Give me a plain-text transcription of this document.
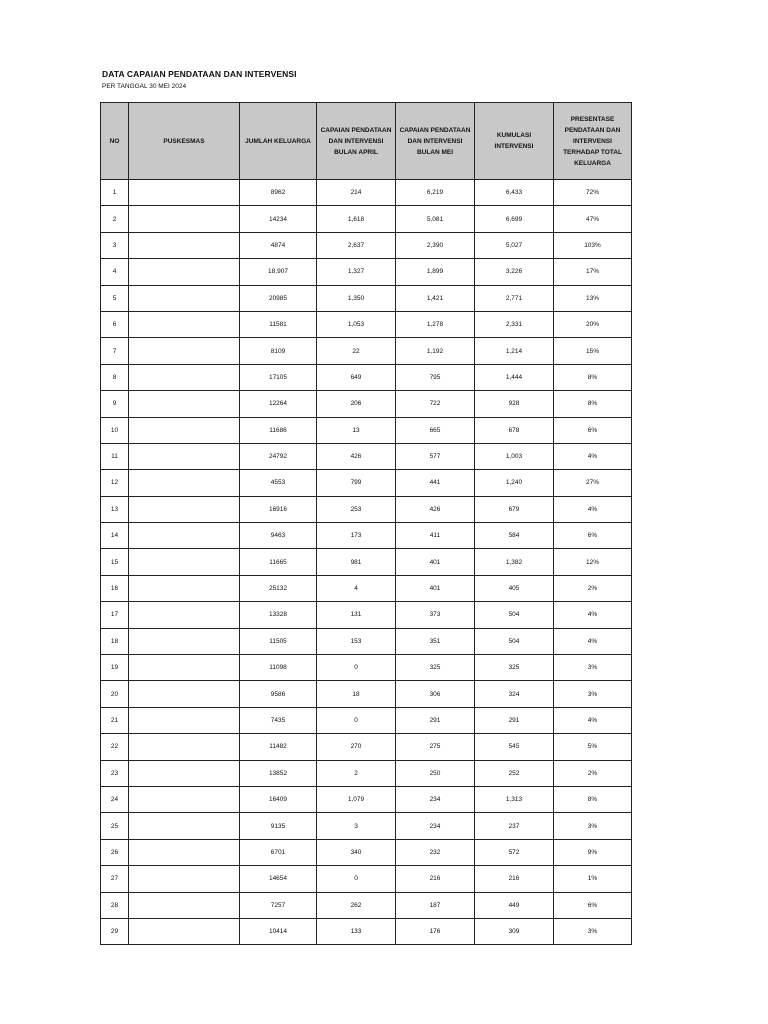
DATA CAPAIAN PENDATAAN DAN INTERVENSI
PER TANGGAL 30 MEI 2024
NO	PUSKESMAS	JUMLAH KELUARGA	CAPAIAN PENDATAAN DAN INTERVENSI BULAN APRIL	CAPAIAN PENDATAAN DAN INTERVENSI BULAN MEI	KUMULASI INTERVENSI	PRESENTASE PENDATAAN DAN INTERVENSI TERHADAP TOTAL KELUARGA
1		8962	214	6,219	6,433	72%
2		14234	1,618	5,081	6,699	47%
3		4874	2,637	2,390	5,027	103%
4		18,907	1,327	1,899	3,226	17%
5		20985	1,350	1,421	2,771	13%
6		11581	1,053	1,278	2,331	20%
7		8109	22	1,192	1,214	15%
8		17105	649	795	1,444	8%
9		12264	206	722	928	8%
10		11686	13	665	678	6%
11		24792	426	577	1,003	4%
12		4553	799	441	1,240	27%
13		16916	253	426	679	4%
14		9463	173	411	584	6%
15		11665	981	401	1,382	12%
16		25132	4	401	405	2%
17		13328	131	373	504	4%
18		11505	153	351	504	4%
19		11098	0	325	325	3%
20		9586	18	306	324	3%
21		7435	0	291	291	4%
22		11482	270	275	545	5%
23		13852	2	250	252	2%
24		16409	1,079	234	1,313	8%
25		9135	3	234	237	3%
26		6701	340	232	572	9%
27		14654	0	216	216	1%
28		7257	262	187	449	6%
29		10414	133	176	309	3%
